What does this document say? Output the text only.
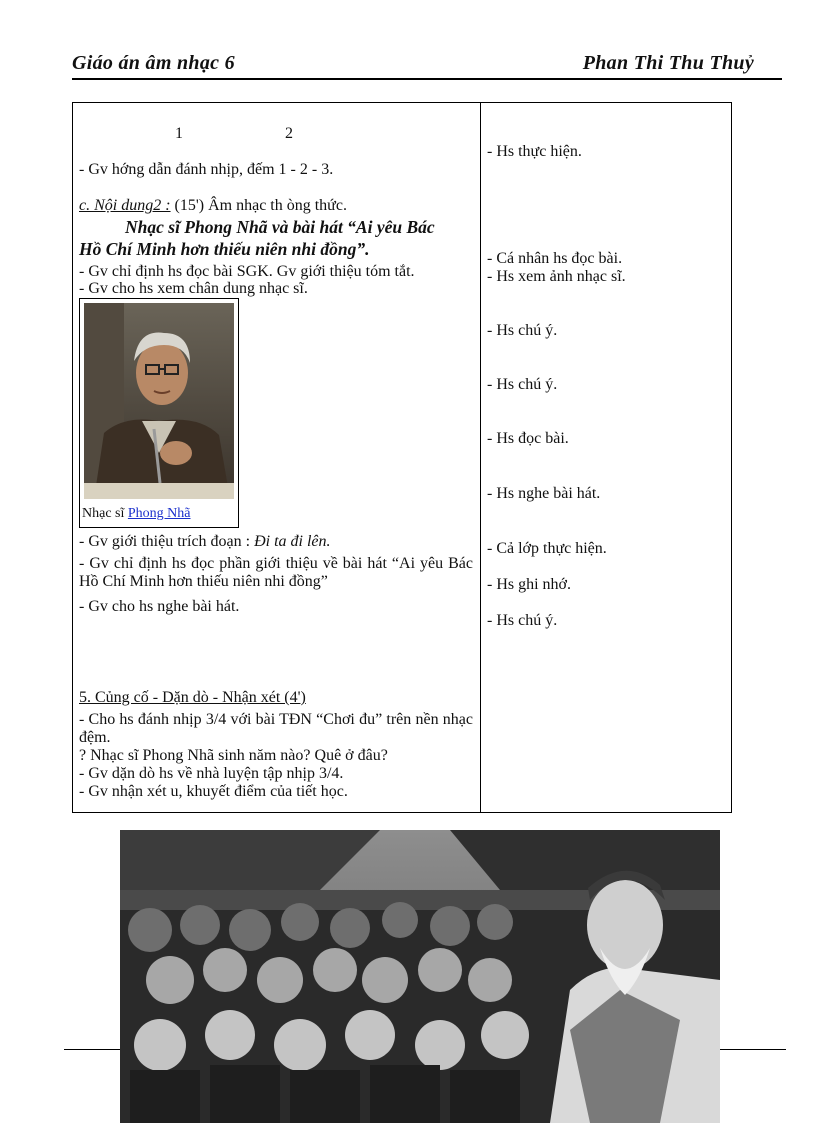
Giáo án âm nhạc 6	Phan Thi Thu Thuỷ
1	2
- Gv hớng dẫn đánh nhịp, đếm 1 - 2 - 3.
c. Nội dung2 : (15') Âm nhạc th òng thức.
Nhạc sĩ Phong Nhã và bài hát “Ai yêu Bác
Hồ Chí Minh hơn thiếu niên nhi đồng”.
- Gv chỉ định hs đọc bài SGK. Gv giới thiệu tóm tắt.
- Gv cho hs xem chân dung nhạc sĩ.
Nhạc sĩ Phong Nhã
- Gv giới thiệu trích đoạn : Đi ta đi lên.
- Gv chỉ định hs đọc phần giới thiệu về bài hát “Ai yêu Bác Hồ Chí Minh hơn thiếu niên nhi đồng”
- Gv cho hs nghe bài hát.
5. Củng cố - Dặn dò - Nhận xét (4')
- Cho hs đánh nhịp 3/4 với bài TĐN “Chơi đu” trên nền nhạc đệm.
? Nhạc sĩ Phong Nhã sinh năm nào? Quê ở đâu?
- Gv dặn dò hs về nhà luyện tập nhịp 3/4.
- Gv nhận xét u, khuyết điểm của tiết học.
- Hs thực hiện.
- Cá nhân hs đọc bài.
- Hs xem ảnh nhạc sĩ.
- Hs chú ý.
- Hs chú ý.
- Hs đọc bài.
- Hs nghe bài hát.
- Cả lớp thực hiện.
- Hs ghi nhớ.
- Hs chú ý.
